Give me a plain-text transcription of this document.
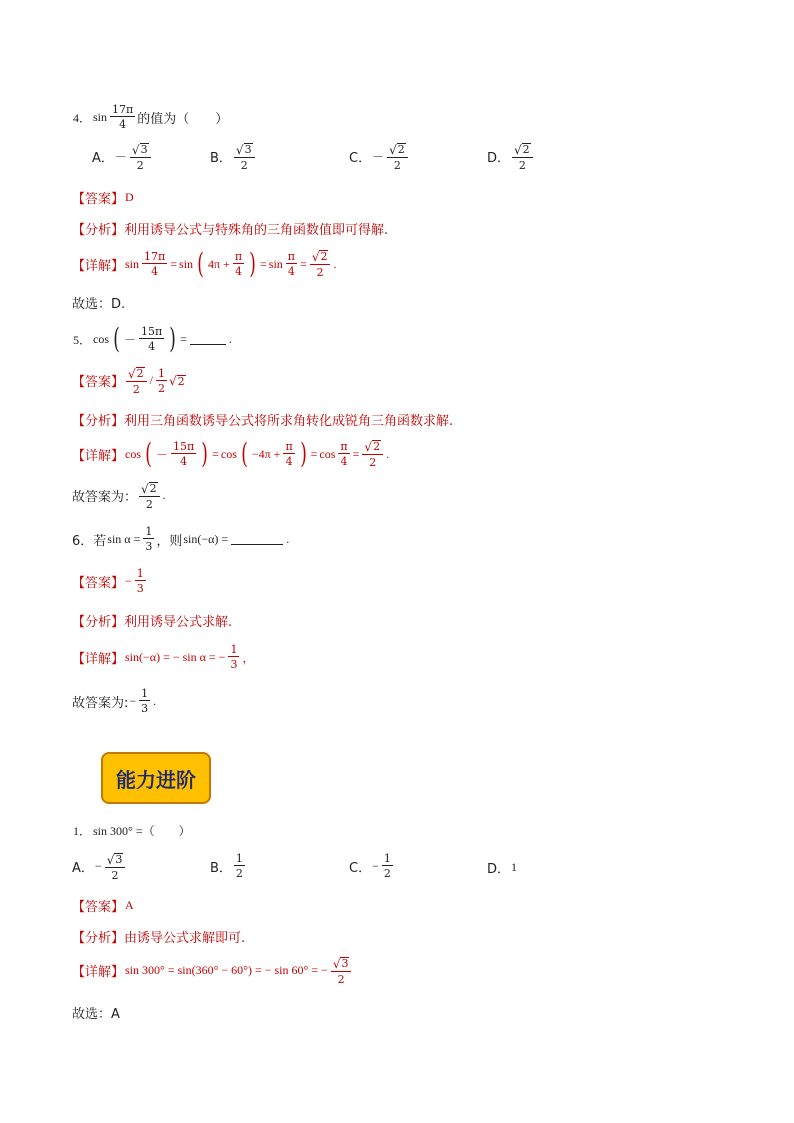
4． $\sin \frac{17\pi}{4}$ 的值为（　　）
A． － $\frac{√ 3}{2}$	B． $\frac{√ 3}{2}$	C． － $\frac{√ 2}{2}$	D． $\frac{√ 2}{2}$
【答案】 D
【分析】 利用诱导公式与特殊角的三角函数值即可得解.
【详解】 $\sin \frac{17\pi}{4} = \sin$ ( $4\pi + \frac{\pi}{4}$ ) = $\sin \frac{\pi}{4} = \frac{√ 2}{2}$ .
故选：D.
5． cos ( － $\frac{15\pi}{4}$ ) =	.
【答案】 $\frac{√ 2}{2} / \frac{1}{2}$ √ 2
【分析】 利用三角函数诱导公式将所求角转化成锐角三角函数求解.
【详解】 cos ( － $\frac{15\pi}{4}$ ) = cos ( $-4\pi + \frac{\pi}{4}$ ) = $\cos \frac{\pi}{4} = \frac{√ 2}{2}$ .
故答案为： $\frac{√ 2}{2}$ .
6．若 $\sin \alpha = \frac{1}{3}$ ，则 sin(−α) =	.
【答案】 − $\frac{1}{3}$
【分析】 利用诱导公式求解.
【详解】 sin(−α) = − sin α = − $\frac{1}{3}$ ，
故答案为: − $\frac{1}{3}$ .
能力进阶
1． sin 300° =（　　）
A． − $\frac{√ 3}{2}$	B． $\frac{1}{2}$	C． − $\frac{1}{2}$	D． 1
【答案】 A
【分析】 由诱导公式求解即可.
【详解】 sin 300° = sin(360° − 60°) = − sin 60° = − $\frac{√ 3}{2}$
故选：A
